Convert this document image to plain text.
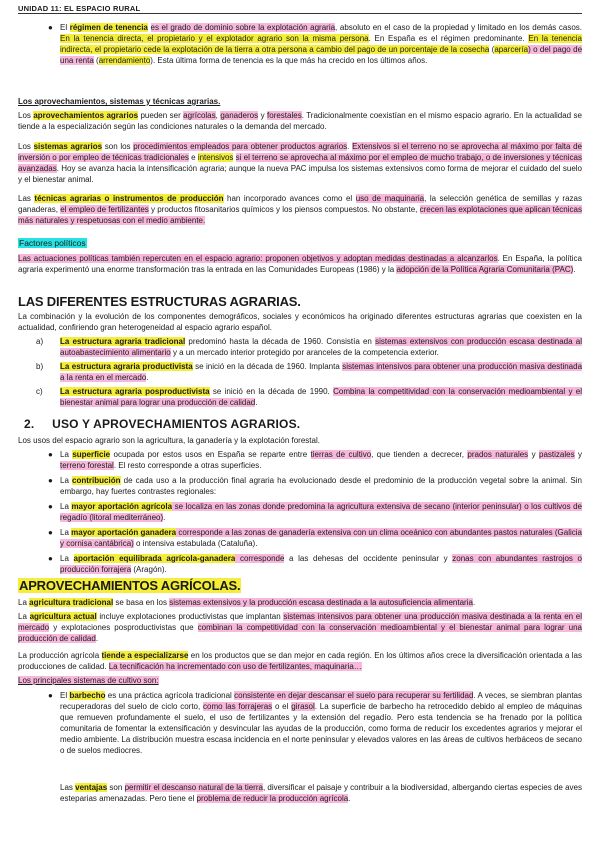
UNIDAD 11: EL ESPACIO RURAL
● El régimen de tenencia es el grado de dominio sobre la explotación agraria, absoluto en el caso de la propiedad y limitado en los demás casos. En la tenencia directa, el propietario y el explotador agrario son la misma persona. En España es el régimen predominante. En la tenencia indirecta, el propietario cede la explotación de la tierra a otra persona a cambio del pago de un porcentaje de la cosecha (aparcería) o del pago de una renta (arrendamiento). Esta última forma de tenencia es la que más ha crecido en los últimos años.
Los aprovechamientos, sistemas y técnicas agrarias.
Los aprovechamientos agrarios pueden ser agrícolas, ganaderos y forestales. Tradicionalmente coexistían en el mismo espacio agrario. En la actualidad se tiende a la especialización según las condiciones naturales o la demanda del mercado.
Los sistemas agrarios son los procedimientos empleados para obtener productos agrarios. Extensivos si el terreno no se aprovecha al máximo por falta de inversión o por empleo de técnicas tradicionales e intensivos si el terreno se aprovecha al máximo por el empleo de mucho trabajo, o de inversiones y técnicas avanzadas. Hoy se avanza hacia la intensificación agraria; aunque la nueva PAC impulsa los sistemas extensivos como forma de mejorar el cuidado del suelo y el bienestar animal.
Las técnicas agrarias o instrumentos de producción han incorporado avances como el uso de maquinaria, la selección genética de semillas y razas ganaderas, el empleo de fertilizantes y productos fitosanitarios químicos y los piensos compuestos. No obstante, crecen las explotaciones que aplican técnicas más naturales y respetuosas con el medio ambiente.
Factores políticos
Las actuaciones políticas también repercuten en el espacio agrario: proponen objetivos y adoptan medidas destinadas a alcanzarlos. En España, la política agraria experimentó una enorme transformación tras la entrada en las Comunidades Europeas (1986) y la adopción de la Política Agraria Comunitaria (PAC).
LAS DIFERENTES ESTRUCTURAS AGRARIAS.
La combinación y la evolución de los componentes demográficos, sociales y económicos ha originado diferentes estructuras agrarias que coexisten en la actualidad, confiriendo gran heterogeneidad al espacio agrario español.
a) La estructura agraria tradicional predominó hasta la década de 1960. Consistía en sistemas extensivos con producción escasa destinada al autoabastecimiento alimentario y a un mercado interior protegido por aranceles de la competencia exterior.
b) La estructura agraria productivista se inició en la década de 1960. Implanta sistemas intensivos para obtener una producción masiva destinada a la renta en el mercado.
c) La estructura agraria posproductivista se inició en la década de 1990. Combina la competitividad con la conservación medioambiental y el bienestar animal para lograr una producción de calidad.
2. USO Y APROVECHAMIENTOS AGRARIOS.
Los usos del espacio agrario son la agricultura, la ganadería y la explotación forestal.
● La superficie ocupada por estos usos en España se reparte entre tierras de cultivo, que tienden a decrecer, prados naturales y pastizales y terreno forestal. El resto corresponde a otras superficies.
● La contribución de cada uso a la producción final agraria ha evolucionado desde el predominio de la producción vegetal sobre la animal. Sin embargo, hay fuertes contrastes regionales:
● La mayor aportación agrícola se localiza en las zonas donde predomina la agricultura extensiva de secano (interior peninsular) o los cultivos de regadío (litoral mediterráneo).
● La mayor aportación ganadera corresponde a las zonas de ganadería extensiva con un clima oceánico con abundantes pastos naturales (Galicia y cornisa cantábrica) o intensiva estabulada (Cataluña).
● La aportación equilibrada agrícola-ganadera corresponde a las dehesas del occidente peninsular y zonas con abundantes rastrojos o producción forrajera (Aragón).
APROVECHAMIENTOS AGRÍCOLAS.
La agricultura tradicional se basa en los sistemas extensivos y la producción escasa destinada a la autosuficiencia alimentaria.
La agricultura actual incluye explotaciones productivistas que implantan sistemas intensivos para obtener una producción masiva destinada a la renta en el mercado y explotaciones posproductivistas que combinan la competitividad con la conservación medioambiental y el bienestar animal para lograr una producción de calidad.
La producción agrícola tiende a especializarse en los productos que se dan mejor en cada región. En los últimos años crece la diversificación orientada a las producciones de calidad. La tecnificación ha incrementado con uso de fertilizantes, maquinaria…
Los principales sistemas de cultivo son:
● El barbecho es una práctica agrícola tradicional consistente en dejar descansar el suelo para recuperar su fertilidad. A veces, se siembran plantas recuperadoras del suelo de ciclo corto, como las forrajeras o el girasol. La superficie de barbecho ha retrocedido debido al empleo de máquinas que remueven profundamente el suelo, el uso de fertilizantes y la extensión del regadío. Pero esta tendencia se ha frenado por la política comunitaria de fomentar la extensificación y desvincular las ayudas de la producción, como forma de reducir los excedentes agrarios y mejorar el medio ambiente. La distribución muestra escasa incidencia en el norte peninsular y elevados valores en las áreas de cultivos herbáceos de secano o de suelos mediocres.
Las ventajas son permitir el descanso natural de la tierra, diversificar el paisaje y contribuir a la biodiversidad, albergando ciertas especies de aves esteparias amenazadas. Pero tiene el problema de reducir la producción agrícola.
